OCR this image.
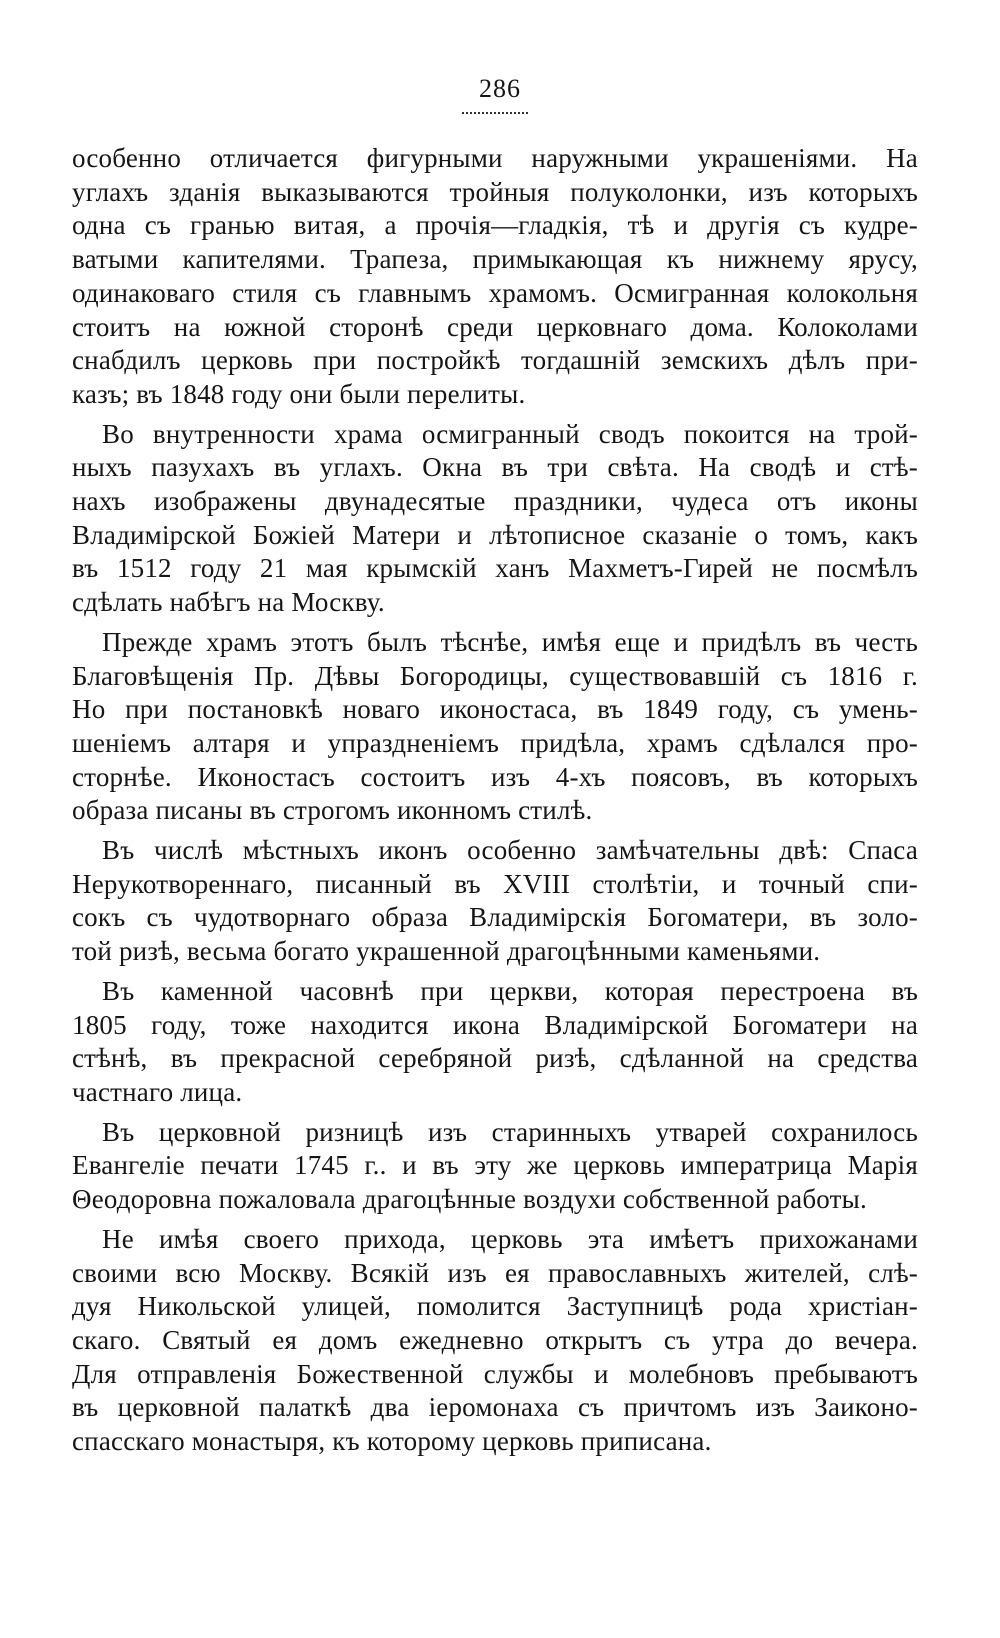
286

особенно отличается фигурными наружными украшеніями. На
углахъ зданія выказываются тройныя полуколонки, изъ которыхъ
одна съ гранью витая, а прочія—гладкія, тѣ и другія съ кудре-
ватыми капителями. Трапеза, примыкающая къ нижнему ярусу,
одинаковаго стиля съ главнымъ храмомъ. Осмигранная колокольня
стоитъ на южной сторонѣ среди церковнаго дома. Колоколами
снабдилъ церковь при постройкѣ тогдашній земскихъ дѣлъ при-
казъ; въ 1848 году они были перелиты.

Во внутренности храма осмигранный сводъ покоится на трой-
ныхъ пазухахъ въ углахъ. Окна въ три свѣта. На сводѣ и стѣ-
нахъ изображены двунадесятые праздники, чудеса отъ иконы
Владимірской Божіей Матери и лѣтописное сказаніе о томъ, какъ
въ 1512 году 21 мая крымскій ханъ Махметъ-Гирей не посмѣлъ
сдѣлать набѣгъ на Москву.

Прежде храмъ этотъ былъ тѣснѣе, имѣя еще и придѣлъ въ честь
Благовѣщенія Пр. Дѣвы Богородицы, существовавшій съ 1816 г.
Но при постановкѣ новаго иконостаса, въ 1849 году, съ умень-
шеніемъ алтаря и упраздненіемъ придѣла, храмъ сдѣлался про-
сторнѣе. Иконостасъ состоитъ изъ 4-хъ поясовъ, въ которыхъ
образа писаны въ строгомъ иконномъ стилѣ.

Въ числѣ мѣстныхъ иконъ особенно замѣчательны двѣ: Спаса
Нерукотвореннаго, писанный въ XVIII столѣтіи, и точный спи-
сокъ съ чудотворнаго образа Владимірскія Богоматери, въ золо-
той ризѣ, весьма богато украшенной драгоцѣнными каменьями.

Въ каменной часовнѣ при церкви, которая перестроена въ
1805 году, тоже находится икона Владимірской Богоматери на
стѣнѣ, въ прекрасной серебряной ризѣ, сдѣланной на средства
частнаго лица.

Въ церковной ризницѣ изъ старинныхъ утварей сохранилось
Евангеліе печати 1745 г.. и въ эту же церковь императрица Марія
Θеодоровна пожаловала драгоцѣнные воздухи собственной работы.

Не имѣя своего прихода, церковь эта имѣетъ прихожанами
своими всю Москву. Всякій изъ ея православныхъ жителей, слѣ-
дуя Никольской улицей, помолится Заступницѣ рода христіан-
скаго. Святый ея домъ ежедневно открытъ съ утра до вечера.
Для отправленія Божественной службы и молебновъ пребываютъ
въ церковной палаткѣ два іеромонаха съ причтомъ изъ Заиконо-
спасскаго монастыря, къ которому церковь приписана.
